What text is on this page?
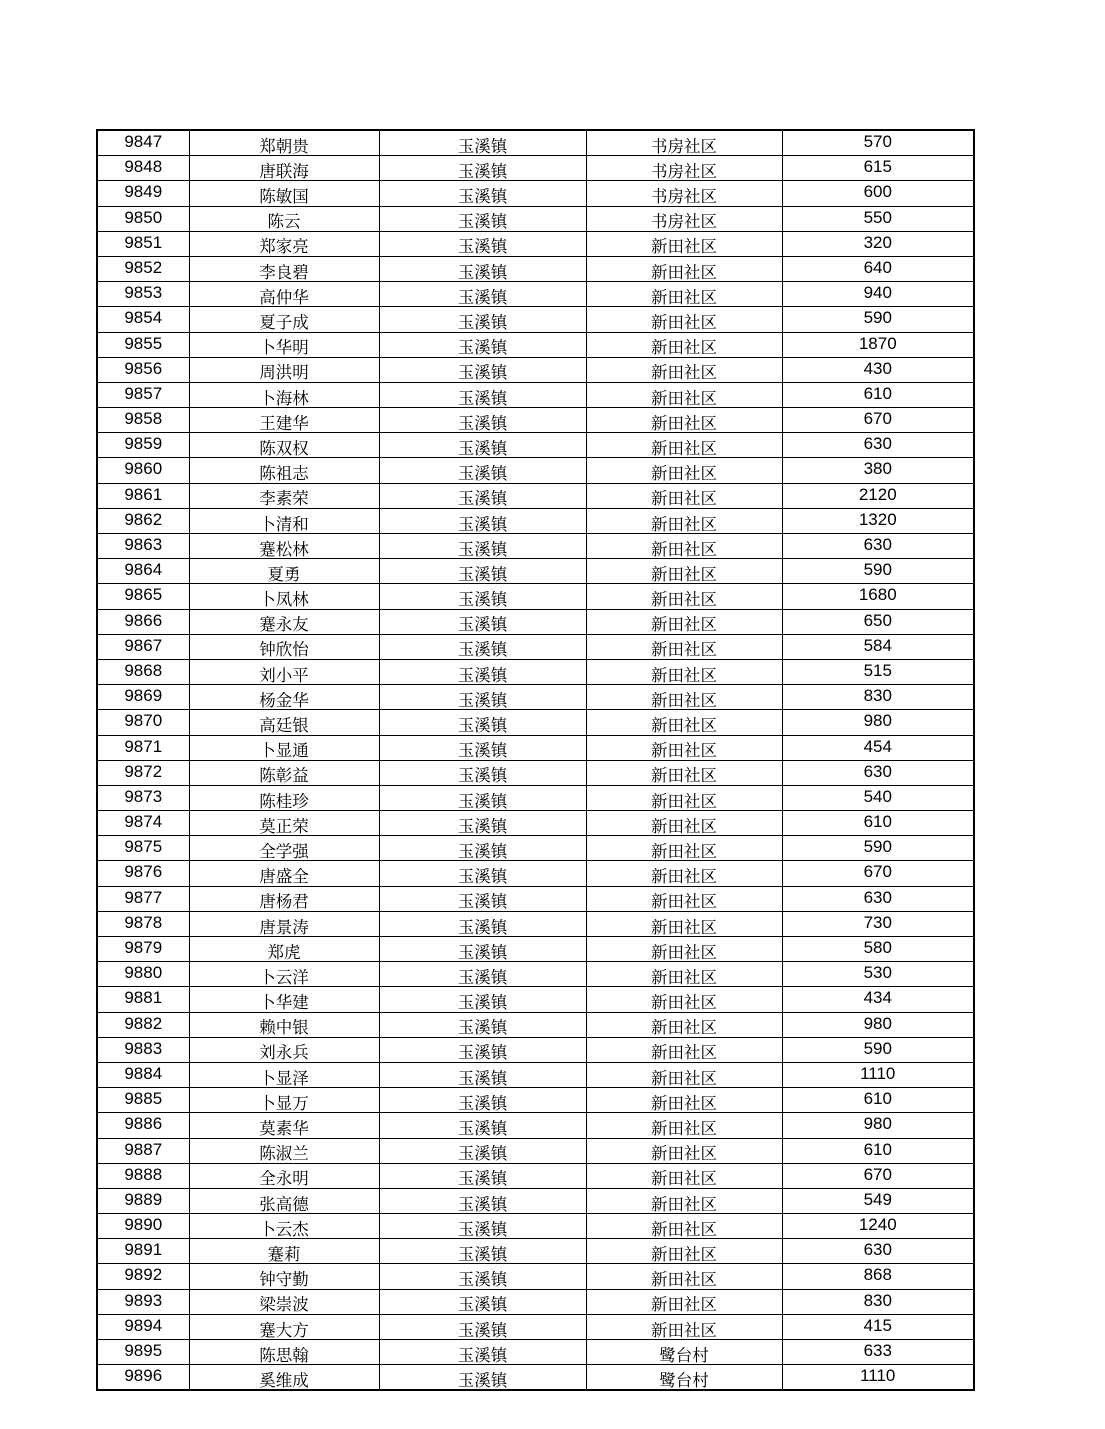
9847	郑朝贵	玉溪镇	书房社区	570
9848	唐联海	玉溪镇	书房社区	615
9849	陈敏国	玉溪镇	书房社区	600
9850	陈云	玉溪镇	书房社区	550
9851	郑家亮	玉溪镇	新田社区	320
9852	李良碧	玉溪镇	新田社区	640
9853	高仲华	玉溪镇	新田社区	940
9854	夏子成	玉溪镇	新田社区	590
9855	卜华明	玉溪镇	新田社区	1870
9856	周洪明	玉溪镇	新田社区	430
9857	卜海林	玉溪镇	新田社区	610
9858	王建华	玉溪镇	新田社区	670
9859	陈双权	玉溪镇	新田社区	630
9860	陈祖志	玉溪镇	新田社区	380
9861	李素荣	玉溪镇	新田社区	2120
9862	卜清和	玉溪镇	新田社区	1320
9863	蹇松林	玉溪镇	新田社区	630
9864	夏勇	玉溪镇	新田社区	590
9865	卜凤林	玉溪镇	新田社区	1680
9866	蹇永友	玉溪镇	新田社区	650
9867	钟欣怡	玉溪镇	新田社区	584
9868	刘小平	玉溪镇	新田社区	515
9869	杨金华	玉溪镇	新田社区	830
9870	高廷银	玉溪镇	新田社区	980
9871	卜显通	玉溪镇	新田社区	454
9872	陈彰益	玉溪镇	新田社区	630
9873	陈桂珍	玉溪镇	新田社区	540
9874	莫正荣	玉溪镇	新田社区	610
9875	全学强	玉溪镇	新田社区	590
9876	唐盛全	玉溪镇	新田社区	670
9877	唐杨君	玉溪镇	新田社区	630
9878	唐景涛	玉溪镇	新田社区	730
9879	郑虎	玉溪镇	新田社区	580
9880	卜云洋	玉溪镇	新田社区	530
9881	卜华建	玉溪镇	新田社区	434
9882	赖中银	玉溪镇	新田社区	980
9883	刘永兵	玉溪镇	新田社区	590
9884	卜显泽	玉溪镇	新田社区	1110
9885	卜显万	玉溪镇	新田社区	610
9886	莫素华	玉溪镇	新田社区	980
9887	陈淑兰	玉溪镇	新田社区	610
9888	全永明	玉溪镇	新田社区	670
9889	张高德	玉溪镇	新田社区	549
9890	卜云杰	玉溪镇	新田社区	1240
9891	蹇莉	玉溪镇	新田社区	630
9892	钟守勤	玉溪镇	新田社区	868
9893	梁崇波	玉溪镇	新田社区	830
9894	蹇大方	玉溪镇	新田社区	415
9895	陈思翰	玉溪镇	鹭台村	633
9896	奚维成	玉溪镇	鹭台村	1110
